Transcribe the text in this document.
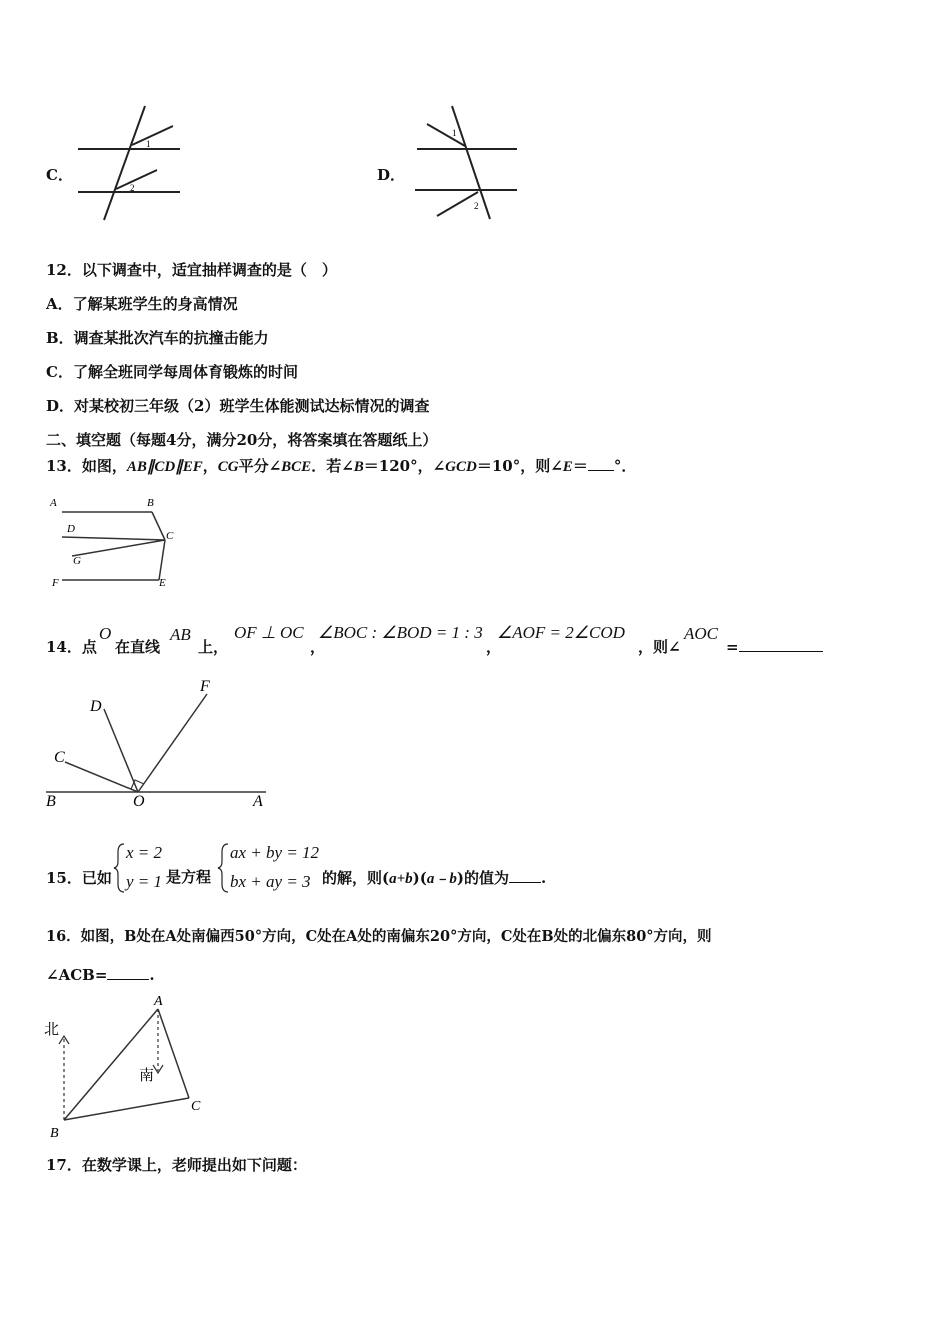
C．
1
2
D．
1
2
12．以下调查中，适宜抽样调查的是（　）
A．了解某班学生的身高情况
B．调查某批次汽车的抗撞击能力
C．了解全班同学每周体育锻炼的时间
D．对某校初三年级（2）班学生体能测试达标情况的调查
二、填空题（每题4分，满分20分，将答案填在答题纸上）
13．如图，AB∥CD∥EF，CG平分∠BCE．若∠B＝120°，∠GCD＝10°，则∠E＝ °．
A	B
D
C
G
F	E
14．点
O
在直线
AB
上，
OF ⊥ OC
，
∠BOC : ∠BOD = 1 : 3
，
∠AOF = 2∠COD
，则∠
AOC
=
D
F
C
B	O	A
15．已如
x = 2
y = 1 是方程
ax + by = 12
bx + ay = 3 的解，则(a+b)(a﹣b)的值为 .
16．如图，B处在A处南偏西50°方向，C处在A处的南偏东20°方向，C处在B处的北偏东80°方向，则
∠ACB=	.
北
A
南
C
B
17．在数学课上，老师提出如下问题：
